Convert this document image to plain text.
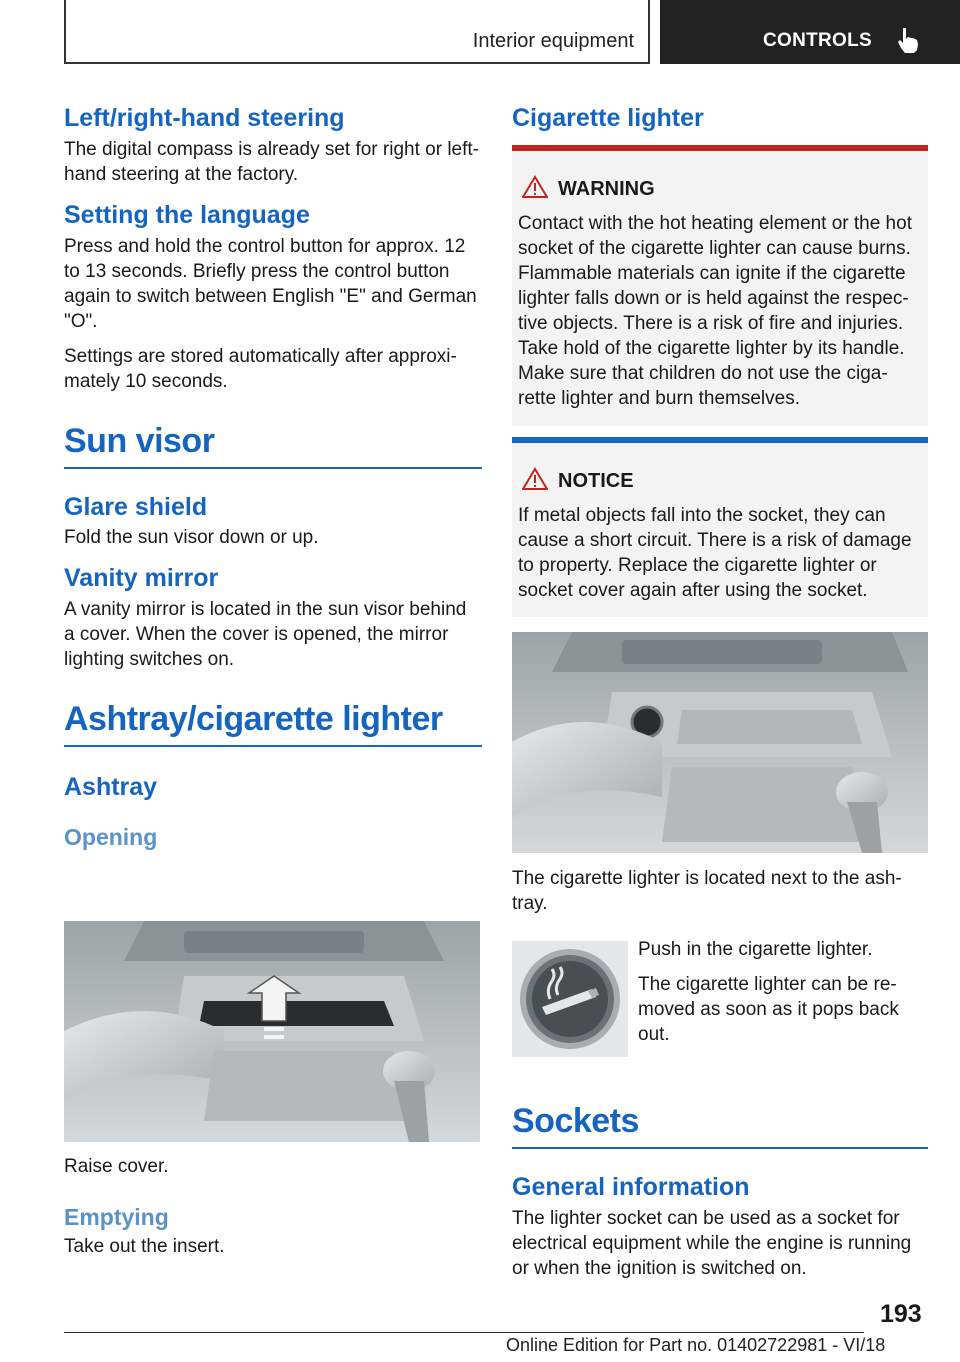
Interior equipment	CONTROLS
Left/right-hand steering

The digital compass is already set for right or left-hand steering at the factory.

Setting the language

Press and hold the control button for approx. 12 to 13 seconds. Briefly press the control button again to switch between English "E" and German "O".

Settings are stored automatically after approxi‐mately 10 seconds.

Sun visor
Glare shield

Fold the sun visor down or up.

Vanity mirror

A vanity mirror is located in the sun visor behind a cover. When the cover is opened, the mirror lighting switches on.

Ashtray/cigarette lighter
Ashtray
Opening

Raise cover.

Emptying

Take out the insert.

Cigarette lighter
WARNING

Contact with the hot heating element or the hot socket of the cigarette lighter can cause burns. Flammable materials can ignite if the cigarette lighter falls down or is held against the respec‐tive objects. There is a risk of fire and injuries. Take hold of the cigarette lighter by its handle. Make sure that children do not use the ciga‐rette lighter and burn themselves.

NOTICE

If metal objects fall into the socket, they can cause a short circuit. There is a risk of damage to property. Replace the cigarette lighter or socket cover again after using the socket.

The cigarette lighter is located next to the ash‐tray.

Push in the cigarette lighter.

The cigarette lighter can be re‐moved as soon as it pops back out.

Sockets
General information

The lighter socket can be used as a socket for electrical equipment while the engine is running or when the ignition is switched on.

193
Online Edition for Part no. 01402722981 - VI/18
